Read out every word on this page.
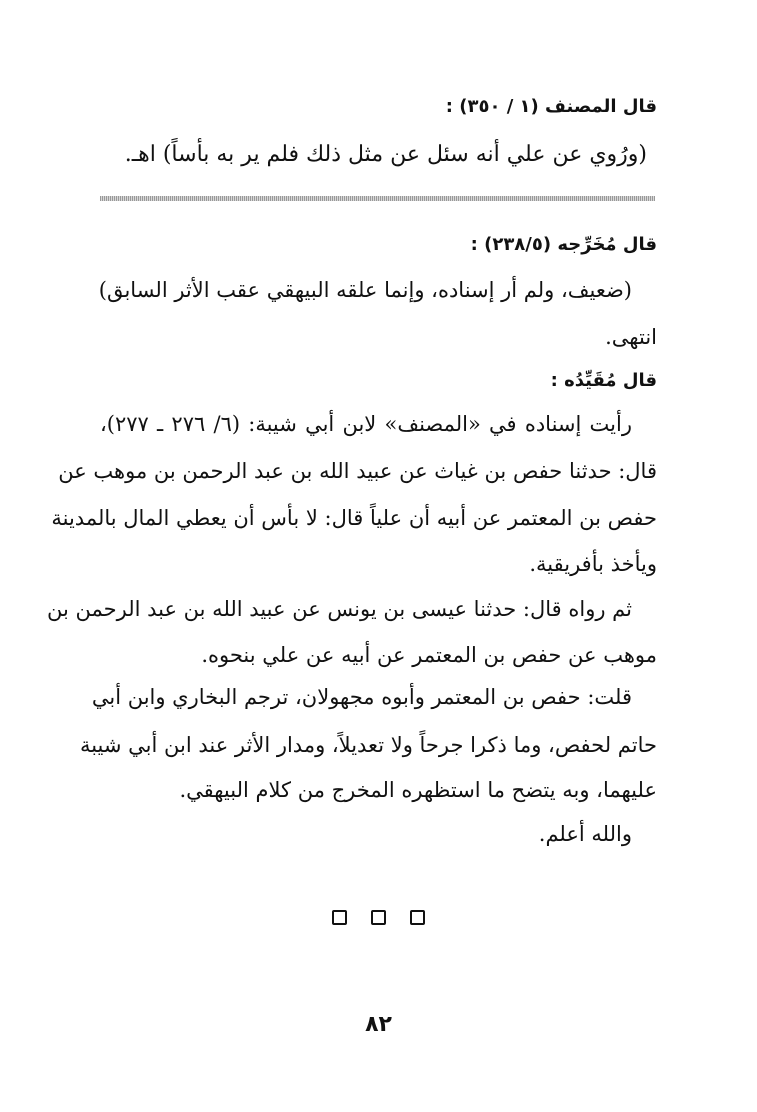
قال المصنف (١ / ٣٥٠) :
(ورُوي عن علي أنه سئل عن مثل ذلك فلم ير به بأساً) اهـ.
قال مُخَرِّجه (٢٣٨/٥) :
(ضعيف، ولم أر إسناده، وإنما علقه البيهقي عقب الأثر السابق)
انتهى.
قال مُقَيِّدُه :
رأيت إسناده في «المصنف» لابن أبي شيبة: (٦/ ٢٧٦ ـ ٢٧٧)،
قال: حدثنا حفص بن غياث عن عبيد الله بن عبد الرحمن بن موهب عن
حفص بن المعتمر عن أبيه أن علياً قال: لا بأس أن يعطي المال بالمدينة
ويأخذ بأفريقية.
ثم رواه قال: حدثنا عيسى بن يونس عن عبيد الله بن عبد الرحمن بن
موهب عن حفص بن المعتمر عن أبيه عن علي بنحوه.
قلت: حفص بن المعتمر وأبوه مجهولان، ترجم البخاري وابن أبي
حاتم لحفص، وما ذكرا جرحاً ولا تعديلاً، ومدار الأثر عند ابن أبي شيبة
عليهما، وبه يتضح ما استظهره المخرج من كلام البيهقي.
والله أعلم.

٨٢
